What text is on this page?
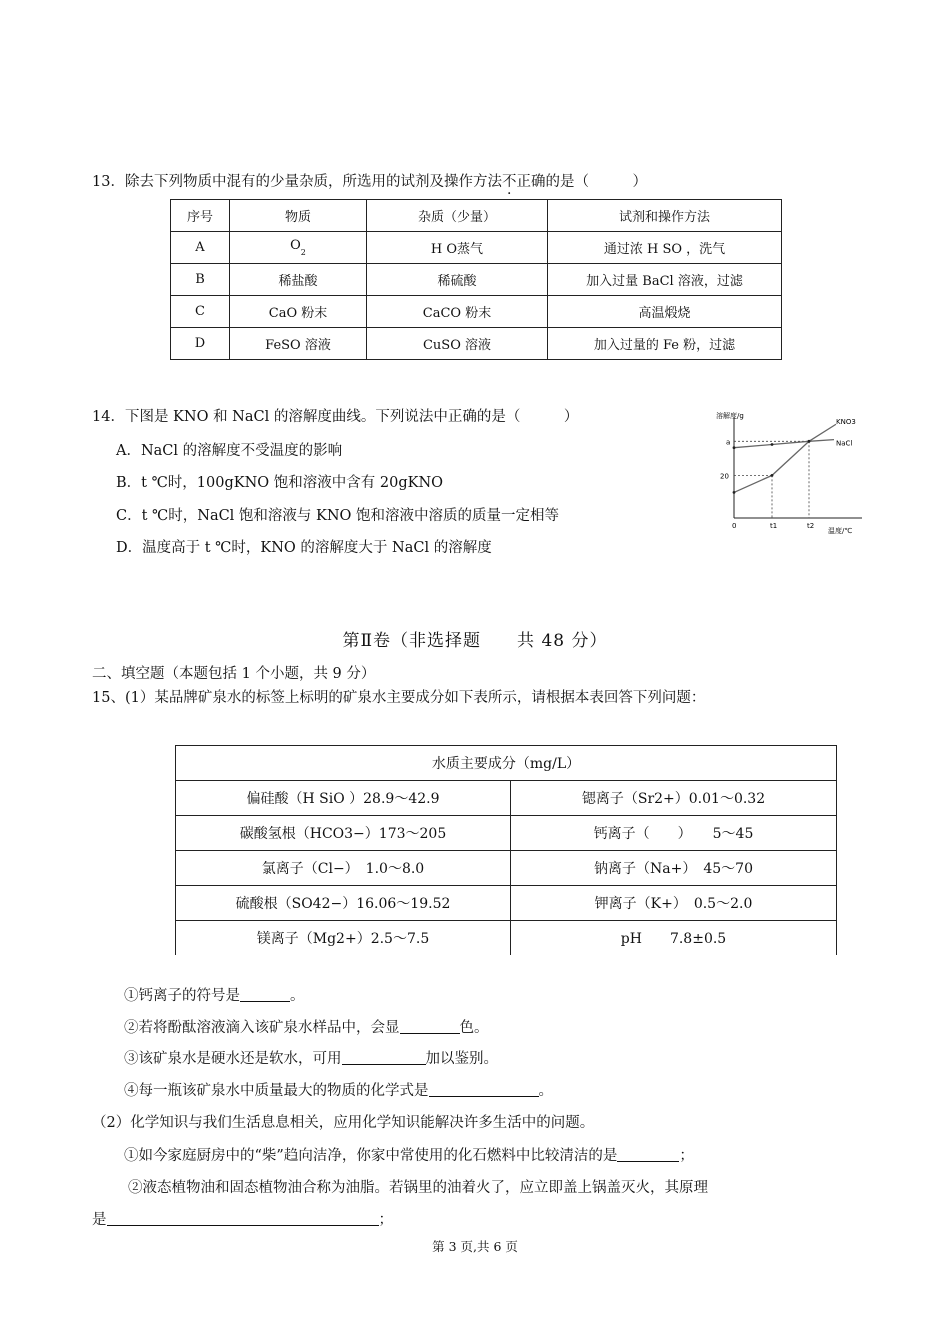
13．除去下列物质中混有的少量杂质，所选用的试剂及操作方法不正确的是（　　　）
序号	物质	杂质（少量）	试剂和操作方法
A	$O_2$	H O蒸气	通过浓 H SO ，洗气
B	稀盐酸	稀硫酸	加入过量 BaCl 溶液，过滤
C	CaO 粉末	CaCO 粉末	高温煅烧
D	FeSO 溶液	CuSO 溶液	加入过量的 Fe 粉，过滤
14．下图是 KNO 和 NaCl 的溶解度曲线。下列说法中正确的是（　　　）
A．NaCl 的溶解度不受温度的影响
B．t ℃时，100gKNO 饱和溶液中含有 20gKNO
C．t ℃时，NaCl 饱和溶液与 KNO 饱和溶液中溶质的质量一定相等
D．温度高于 t ℃时，KNO 的溶解度大于 NaCl 的溶解度
溶解度/g
温度/℃
KNO3
NaCl
0	t1	t2
20
a
第Ⅱ卷（非选择题　　共 48 分）
二、填空题（本题包括 1 个小题，共 9 分）
15、(1）某品牌矿泉水的标签上标明的矿泉水主要成分如下表所示，请根据本表回答下列问题：
水质主要成分（mg/L）	
偏硅酸（H SiO ）28.9～42.9	锶离子（Sr2+）0.01～0.32
碳酸氢根（HCO3−）173～205	钙离子（　　）　　5～45
氯离子（Cl−）　1.0～8.0	钠离子（Na+）　45～70
硫酸根（SO42−）16.06～19.52	钾离子（K+）　0.5～2.0
镁离子（Mg2+）2.5～7.5	pH　　7.8±0.5
①钙离子的符号是	。
②若将酚酞溶液滴入该矿泉水样品中，会显	色。
③该矿泉水是硬水还是软水，可用	加以鉴别。
④每一瓶该矿泉水中质量最大的物质的化学式是	。
（2）化学知识与我们生活息息相关，应用化学知识能解决许多生活中的问题。
①如今家庭厨房中的“柴”趋向洁净，你家中常使用的化石燃料中比较清洁的是	；
②液态植物油和固态植物油合称为油脂。若锅里的油着火了，应立即盖上锅盖灭火，其原理
是	；
第 3 页,共 6 页
